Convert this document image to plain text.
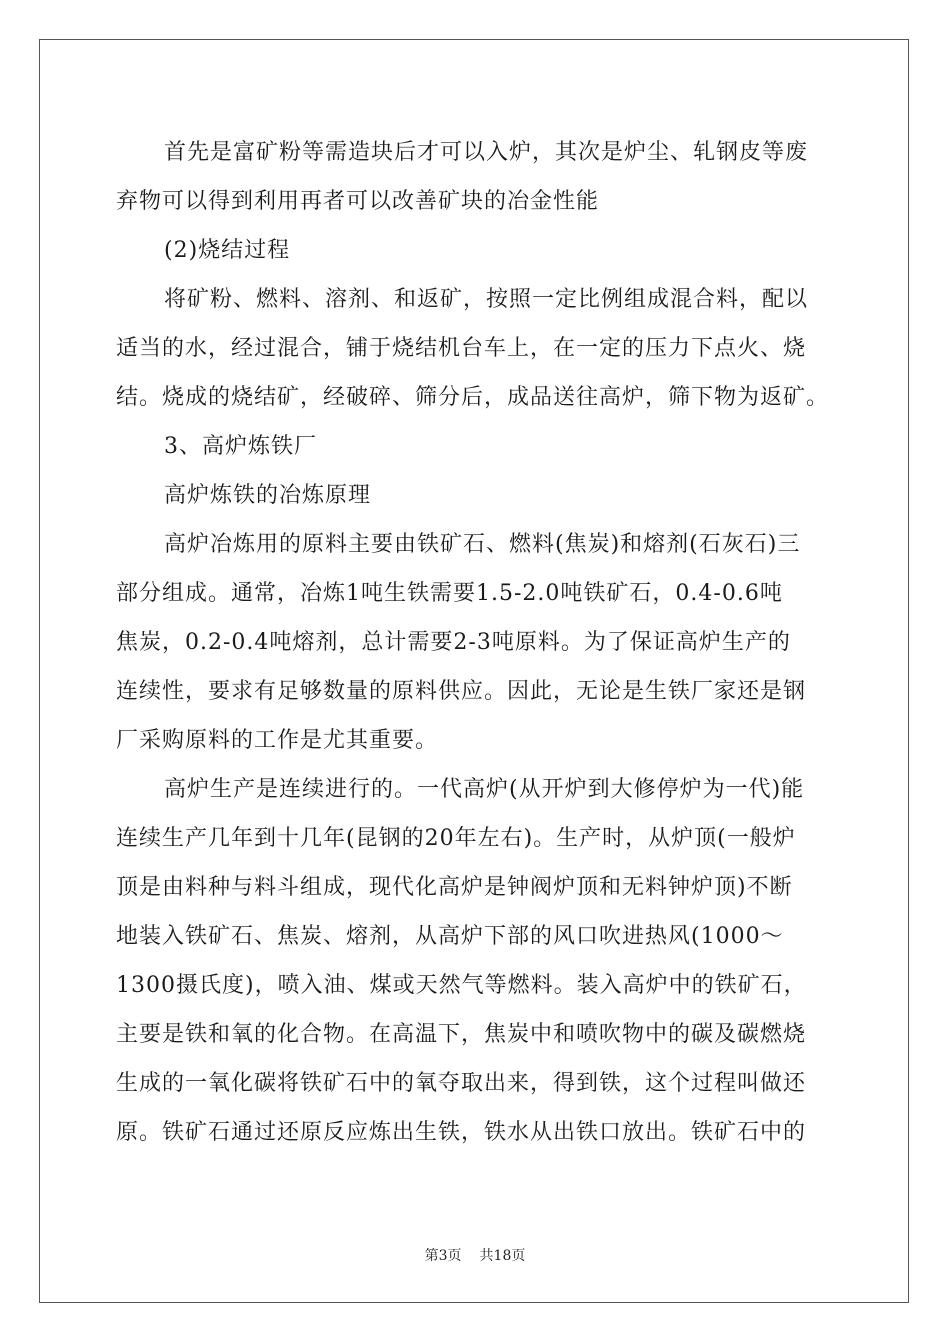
首先是富矿粉等需造块后才可以入炉，其次是炉尘、轧钢皮等废
弃物可以得到利用再者可以改善矿块的冶金性能
(2)烧结过程
将矿粉、燃料、溶剂、和返矿，按照一定比例组成混合料，配以
适当的水，经过混合，铺于烧结机台车上，在一定的压力下点火、烧
结。烧成的烧结矿，经破碎、筛分后，成品送往高炉，筛下物为返矿。
3、高炉炼铁厂
高炉炼铁的冶炼原理
高炉冶炼用的原料主要由铁矿石、燃料(焦炭)和熔剂(石灰石)三
部分组成。通常，冶炼1吨生铁需要1.5-2.0吨铁矿石，0.4-0.6吨
焦炭，0.2-0.4吨熔剂，总计需要2-3吨原料。为了保证高炉生产的
连续性，要求有足够数量的原料供应。因此，无论是生铁厂家还是钢
厂采购原料的工作是尤其重要。
高炉生产是连续进行的。一代高炉(从开炉到大修停炉为一代)能
连续生产几年到十几年(昆钢的20年左右)。生产时，从炉顶(一般炉
顶是由料种与料斗组成，现代化高炉是钟阀炉顶和无料钟炉顶)不断
地装入铁矿石、焦炭、熔剂，从高炉下部的风口吹进热风(1000～
1300摄氏度)，喷入油、煤或天然气等燃料。装入高炉中的铁矿石，
主要是铁和氧的化合物。在高温下，焦炭中和喷吹物中的碳及碳燃烧
生成的一氧化碳将铁矿石中的氧夺取出来，得到铁，这个过程叫做还
原。铁矿石通过还原反应炼出生铁，铁水从出铁口放出。铁矿石中的
第3页 共18页
